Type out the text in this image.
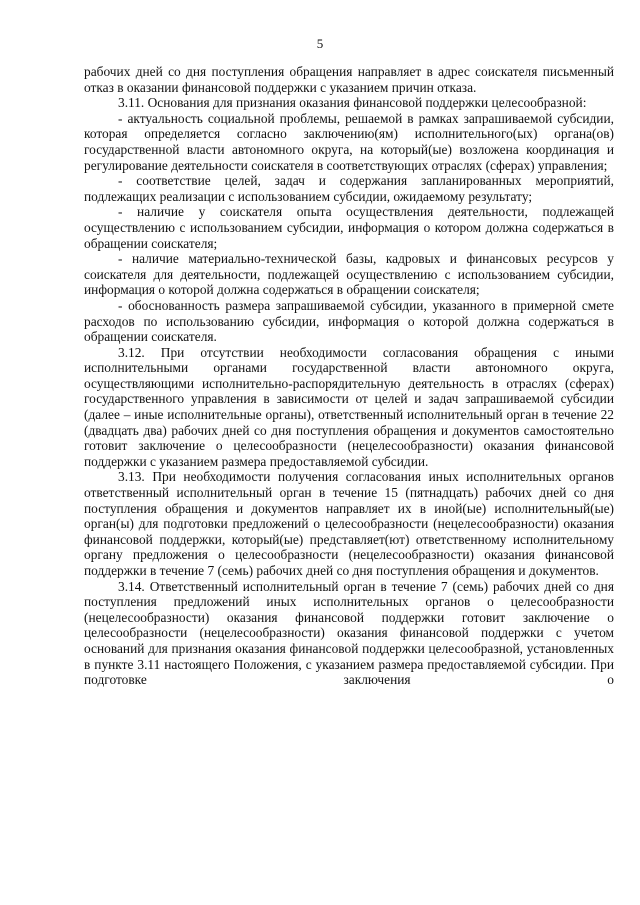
5

рабочих дней со дня поступления обращения направляет в адрес соискателя письменный отказ в оказании финансовой поддержки с указанием причин отказа.

3.11. Основания для признания оказания финансовой поддержки целесообразной:

- актуальность социальной проблемы, решаемой в рамках запрашиваемой субсидии, которая определяется согласно заключению(ям) исполнительного(ых) органа(ов) государственной власти автономного округа, на который(ые) возложена координация и регулирование деятельности соискателя в соответствующих отраслях (сферах) управления;

- соответствие целей, задач и содержания запланированных мероприятий, подлежащих реализации с использованием субсидии, ожидаемому результату;

- наличие у соискателя опыта осуществления деятельности, подлежащей осуществлению с использованием субсидии, информация о котором должна содержаться в обращении соискателя;

- наличие материально-технической базы, кадровых и финансовых ресурсов у соискателя для деятельности, подлежащей осуществлению с использованием субсидии, информация о которой должна содержаться в обращении соискателя;

- обоснованность размера запрашиваемой субсидии, указанного в примерной смете расходов по использованию субсидии, информация о которой должна содержаться в обращении соискателя.

3.12. При отсутствии необходимости согласования обращения с иными исполнительными органами государственной власти автономного округа, осуществляющими исполнительно-распорядительную деятельность в отраслях (сферах) государственного управления в зависимости от целей и задач запрашиваемой субсидии (далее – иные исполнительные органы), ответственный исполнительный орган в течение 22 (двадцать два) рабочих дней со дня поступления обращения и документов самостоятельно готовит заключение о целесообразности (нецелесообразности) оказания финансовой поддержки с указанием размера предоставляемой субсидии.

3.13. При необходимости получения согласования иных исполнительных органов ответственный исполнительный орган в течение 15 (пятнадцать) рабочих дней со дня поступления обращения и документов направляет их в иной(ые) исполнительный(ые) орган(ы) для подготовки предложений о целесообразности (нецелесообразности) оказания финансовой поддержки, который(ые) представляет(ют) ответственному исполнительному органу предложения о целесообразности (нецелесообразности) оказания финансовой поддержки в течение 7 (семь) рабочих дней со дня поступления обращения и документов.

3.14. Ответственный исполнительный орган в течение 7 (семь) рабочих дней со дня поступления предложений иных исполнительных органов о целесообразности (нецелесообразности) оказания финансовой поддержки готовит заключение о целесообразности (нецелесообразности) оказания финансовой поддержки с учетом оснований для признания оказания финансовой поддержки целесообразной, установленных в пункте 3.11 настоящего Положения, с указанием размера предоставляемой субсидии. При подготовке заключения о
